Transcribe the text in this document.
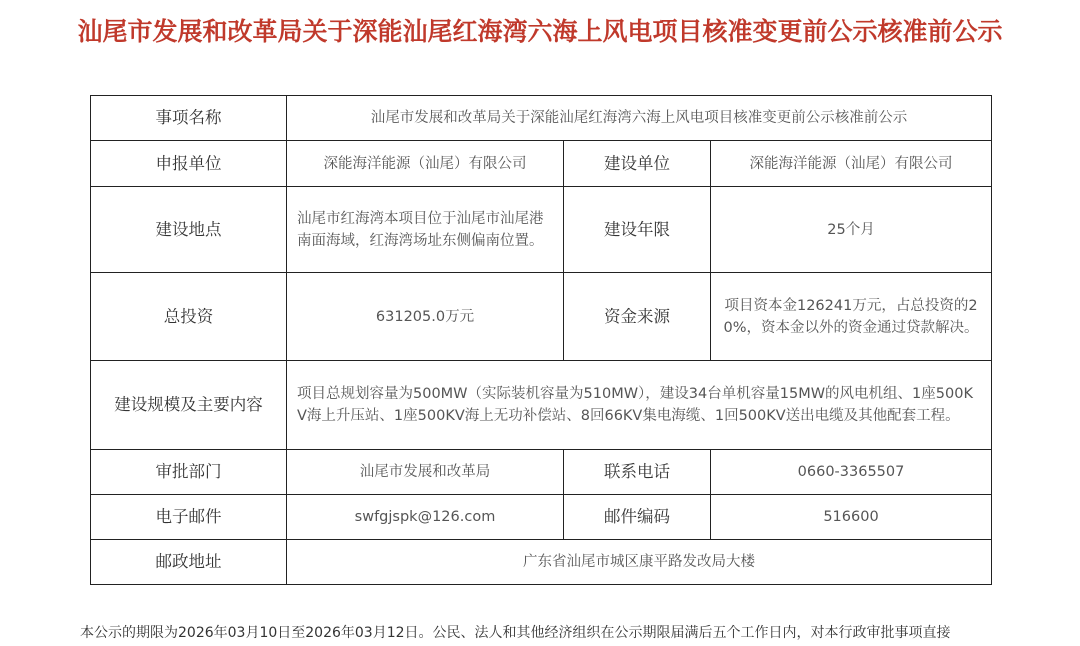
汕尾市发展和改革局关于深能汕尾红海湾六海上风电项目核准变更前公示核准前公示
事项名称	汕尾市发展和改革局关于深能汕尾红海湾六海上风电项目核准变更前公示核准前公示		
申报单位	深能海洋能源（汕尾）有限公司	建设单位	深能海洋能源（汕尾）有限公司
建设地点	汕尾市红海湾本项目位于汕尾市汕尾港南面海域，红海湾场址东侧偏南位置。	建设年限	25个月
总投资	631205.0万元	资金来源	项目资本金126241万元，占总投资的20%，资本金以外的资金通过贷款解决。
建设规模及主要内容	项目总规划容量为500MW（实际装机容量为510MW），建设34台单机容量15MW的风电机组、1座500KV海上升压站、1座500KV海上无功补偿站、8回66KV集电海缆、1回500KV送出电缆及其他配套工程。		
审批部门	汕尾市发展和改革局	联系电话	0660-3365507
电子邮件	swfgjspk@126.com	邮件编码	516600
邮政地址	广东省汕尾市城区康平路发改局大楼		
本公示的期限为2026年03月10日至2026年03月12日。公民、法人和其他经济组织在公示期限届满后五个工作日内，对本行政审批事项直接
